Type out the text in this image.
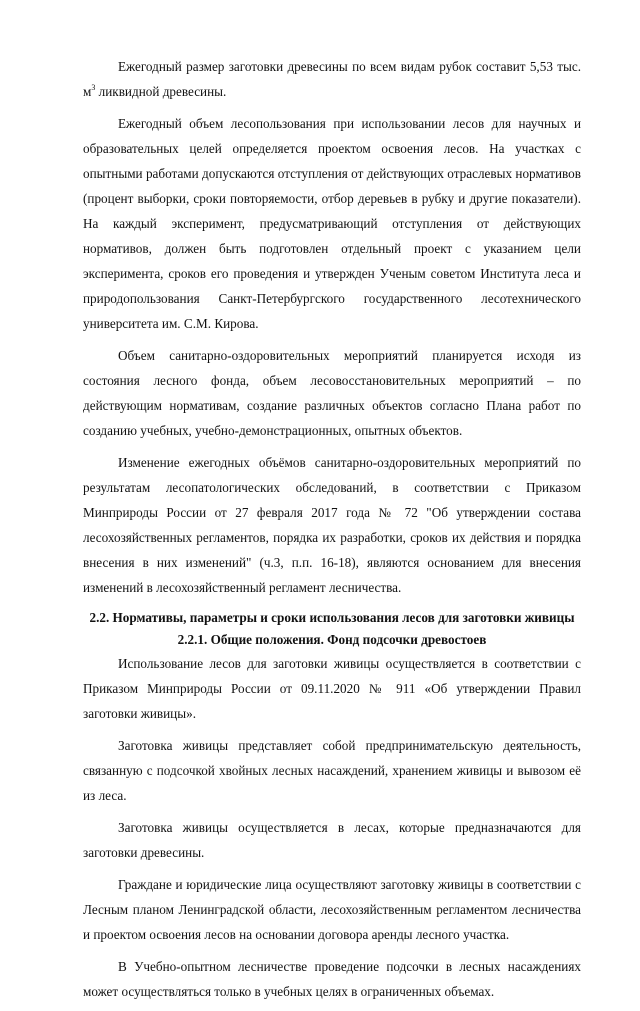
Ежегодный размер заготовки древесины по всем видам рубок составит 5,53 тыс. $м^3$ ликвидной древесины.

Ежегодный объем лесопользования при использовании лесов для научных и образовательных целей определяется проектом освоения лесов. На участках с опытными работами допускаются отступления от действующих отраслевых нормативов (процент выборки, сроки повторяемости, отбор деревьев в рубку и другие показатели). На каждый эксперимент, предусматривающий отступления от действующих нормативов, должен быть подготовлен отдельный проект с указанием цели эксперимента, сроков его проведения и утвержден Ученым советом Института леса и природопользования Санкт-Петербургского государственного лесотехнического университета им. С.М. Кирова.

Объем санитарно-оздоровительных мероприятий планируется исходя из состояния лесного фонда, объем лесовосстановительных мероприятий – по действующим нормативам, создание различных объектов согласно Плана работ по созданию учебных, учебно-демонстрационных, опытных объектов.

Изменение ежегодных объёмов санитарно-оздоровительных мероприятий по результатам лесопатологических обследований, в соответствии с Приказом Минприроды России от 27 февраля 2017 года № 72 "Об утверждении состава лесохозяйственных регламентов, порядка их разработки, сроков их действия и порядка внесения в них изменений" (ч.3, п.п. 16-18), являются основанием для внесения изменений в лесохозяйственный регламент лесничества.

2.2. Нормативы, параметры и сроки использования лесов для заготовки живицы
2.2.1. Общие положения. Фонд подсочки древостоев

Использование лесов для заготовки живицы осуществляется в соответствии с Приказом Минприроды России от 09.11.2020 № 911 «Об утверждении Правил заготовки живицы».

Заготовка живицы представляет собой предпринимательскую деятельность, связанную с подсочкой хвойных лесных насаждений, хранением живицы и вывозом её из леса.

Заготовка живицы осуществляется в лесах, которые предназначаются для заготовки древесины.

Граждане и юридические лица осуществляют заготовку живицы в соответствии с Лесным планом Ленинградской области, лесохозяйственным регламентом лесничества и проектом освоения лесов на основании договора аренды лесного участка.

В Учебно-опытном лесничестве проведение подсочки в лесных насаждениях может осуществляться только в учебных целях в ограниченных объемах.
